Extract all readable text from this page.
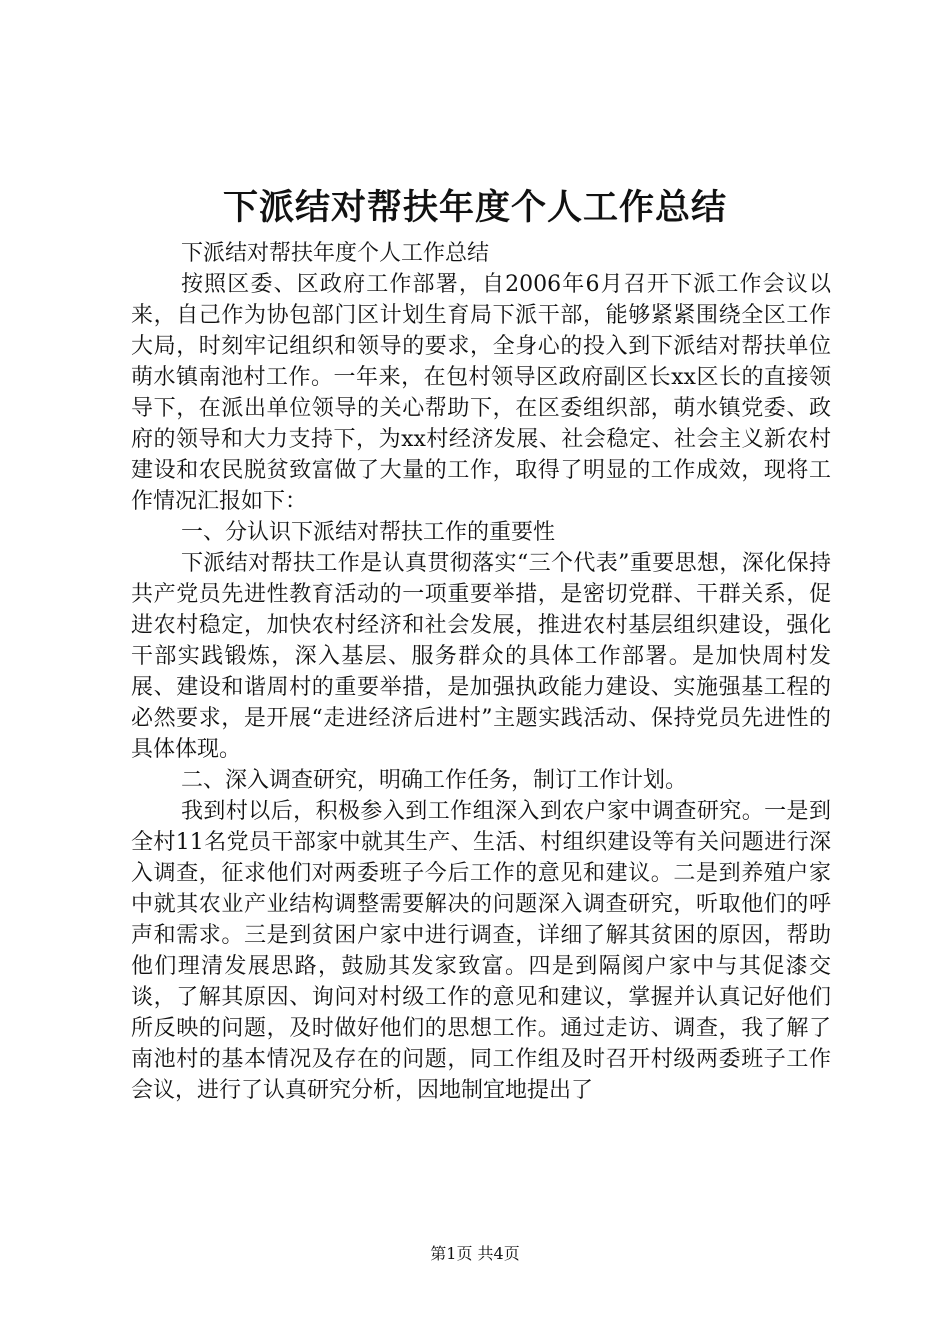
下派结对帮扶年度个人工作总结

下派结对帮扶年度个人工作总结

按照区委、区政府工作部署，自2006年6月召开下派工作会议以来，自己作为协包部门区计划生育局下派干部，能够紧紧围绕全区工作大局，时刻牢记组织和领导的要求，全身心的投入到下派结对帮扶单位萌水镇南池村工作。一年来，在包村领导区政府副区长xx区长的直接领导下，在派出单位领导的关心帮助下，在区委组织部，萌水镇党委、政府的领导和大力支持下，为xx村经济发展、社会稳定、社会主义新农村建设和农民脱贫致富做了大量的工作，取得了明显的工作成效，现将工作情况汇报如下：

一、分认识下派结对帮扶工作的重要性

下派结对帮扶工作是认真贯彻落实“三个代表”重要思想，深化保持共产党员先进性教育活动的一项重要举措，是密切党群、干群关系，促进农村稳定，加快农村经济和社会发展，推进农村基层组织建设，强化干部实践锻炼，深入基层、服务群众的具体工作部署。是加快周村发展、建设和谐周村的重要举措，是加强执政能力建设、实施强基工程的必然要求，是开展“走进经济后进村”主题实践活动、保持党员先进性的具体体现。

二、深入调查研究，明确工作任务，制订工作计划。

我到村以后，积极参入到工作组深入到农户家中调查研究。一是到全村11名党员干部家中就其生产、生活、村组织建设等有关问题进行深入调查，征求他们对两委班子今后工作的意见和建议。二是到养殖户家中就其农业产业结构调整需要解决的问题深入调查研究，听取他们的呼声和需求。三是到贫困户家中进行调查，详细了解其贫困的原因，帮助他们理清发展思路，鼓励其发家致富。四是到隔阂户家中与其促漆交谈，了解其原因、询问对村级工作的意见和建议，掌握并认真记好他们所反映的问题，及时做好他们的思想工作。通过走访、调查，我了解了南池村的基本情况及存在的问题，同工作组及时召开村级两委班子工作会议，进行了认真研究分析，因地制宜地提出了

第1页 共4页
